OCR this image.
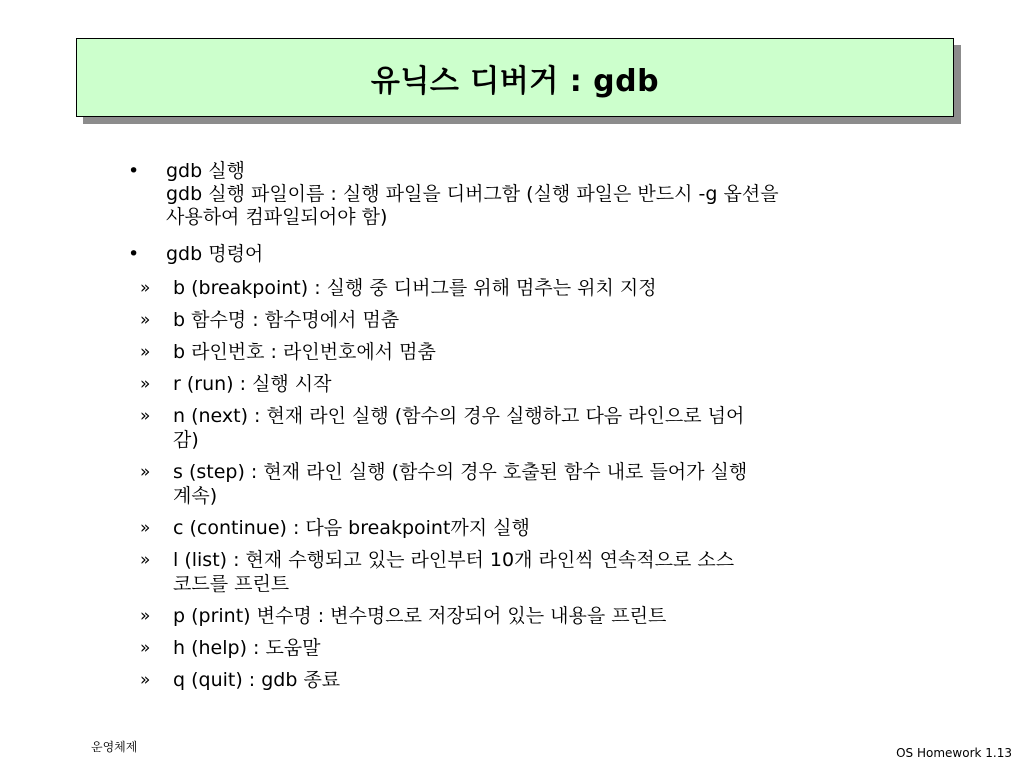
유닉스 디버거 : gdb
• gdb 실행
gdb 실행 파일이름 : 실행 파일을 디버그함 (실행 파일은 반드시 -g 옵션을
사용하여 컴파일되어야 함)
• gdb 명령어
» b (breakpoint) : 실행 중 디버그를 위해 멈추는 위치 지정
» b 함수명 : 함수명에서 멈춤
» b 라인번호 : 라인번호에서 멈춤
» r (run) : 실행 시작
» n (next) : 현재 라인 실행 (함수의 경우 실행하고 다음 라인으로 넘어
감)
» s (step) : 현재 라인 실행 (함수의 경우 호출된 함수 내로 들어가 실행
계속)
» c (continue) : 다음 breakpoint까지 실행
» l (list) : 현재 수행되고 있는 라인부터 10개 라인씩 연속적으로 소스
코드를 프린트
» p (print) 변수명 : 변수명으로 저장되어 있는 내용을 프린트
» h (help) : 도움말
» q (quit) : gdb 종료
운영체제	OS Homework 1.13
